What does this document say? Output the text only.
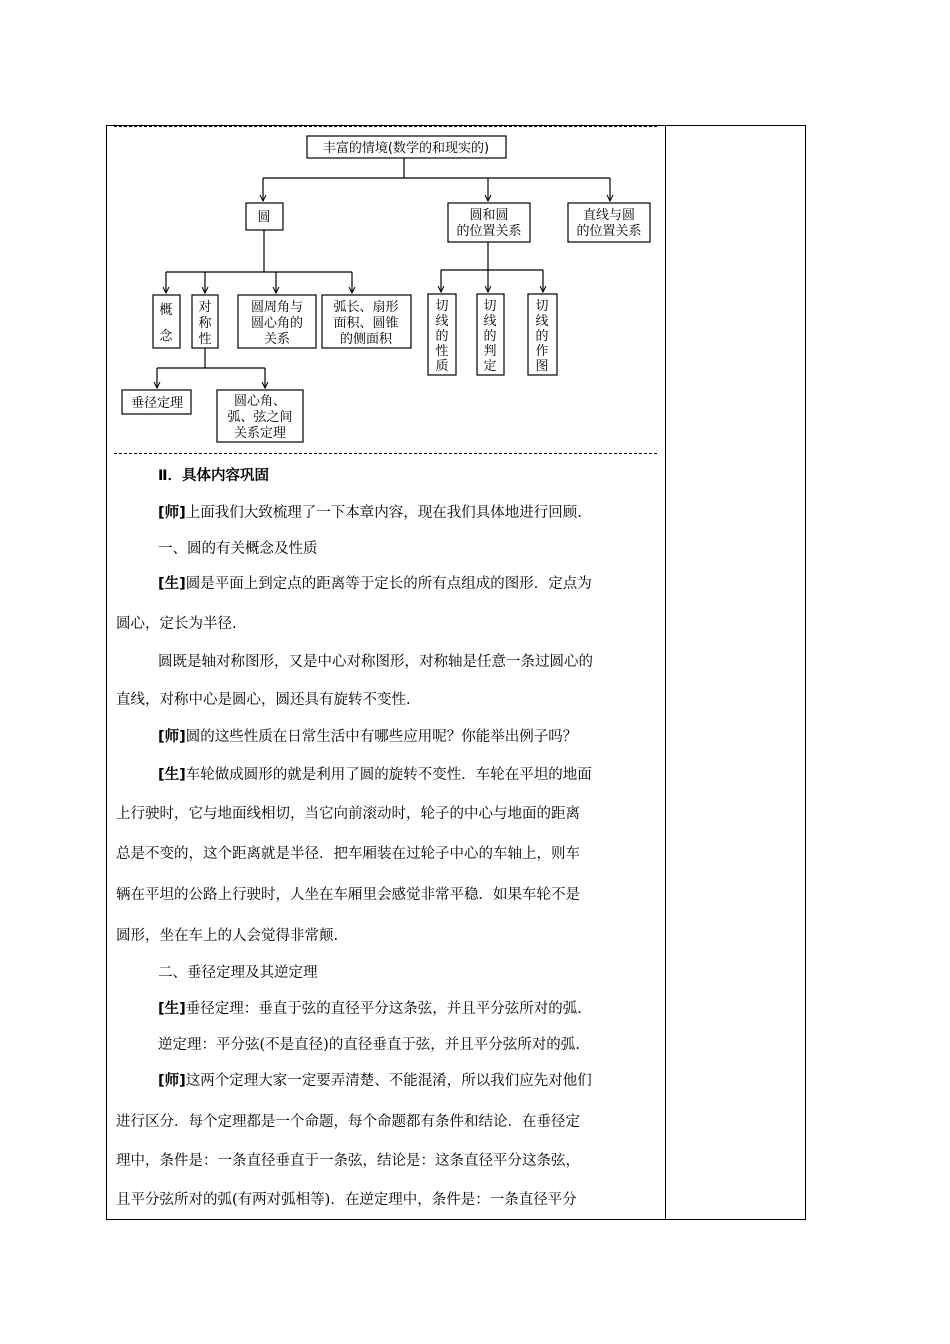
丰富的情境(数学的和现实的)
圆	圆和圆
的位置关系
直线与圆
的位置关系
概
念
对
称
性
圆周角与
圆心角的
关系
弧长、扇形
面积、圆锥
的侧面积
切
线
的
性
质
切
线
的
判
定
切
线
的
作
图
垂径定理	圆心角、
弧、弦之间
关系定理

Ⅱ．具体内容巩固

[师]上面我们大致梳理了一下本章内容，现在我们具体地进行回顾.

一、圆的有关概念及性质

[生]圆是平面上到定点的距离等于定长的所有点组成的图形．定点为

圆心，定长为半径.

圆既是轴对称图形，又是中心对称图形，对称轴是任意一条过圆心的

直线，对称中心是圆心，圆还具有旋转不变性.

[师]圆的这些性质在日常生活中有哪些应用呢？你能举出例子吗？

[生]车轮做成圆形的就是利用了圆的旋转不变性．车轮在平坦的地面

上行驶时，它与地面线相切，当它向前滚动时，轮子的中心与地面的距离

总是不变的，这个距离就是半径．把车厢装在过轮子中心的车轴上，则车

辆在平坦的公路上行驶时，人坐在车厢里会感觉非常平稳．如果车轮不是

圆形，坐在车上的人会觉得非常颠.

二、垂径定理及其逆定理

[生]垂径定理：垂直于弦的直径平分这条弦，并且平分弦所对的弧.

逆定理：平分弦(不是直径)的直径垂直于弦，并且平分弦所对的弧.

[师]这两个定理大家一定要弄清楚、不能混淆，所以我们应先对他们

进行区分．每个定理都是一个命题，每个命题都有条件和结论．在垂径定

理中，条件是：一条直径垂直于一条弦，结论是：这条直径平分这条弦，

且平分弦所对的弧(有两对弧相等)．在逆定理中，条件是：一条直径平分
